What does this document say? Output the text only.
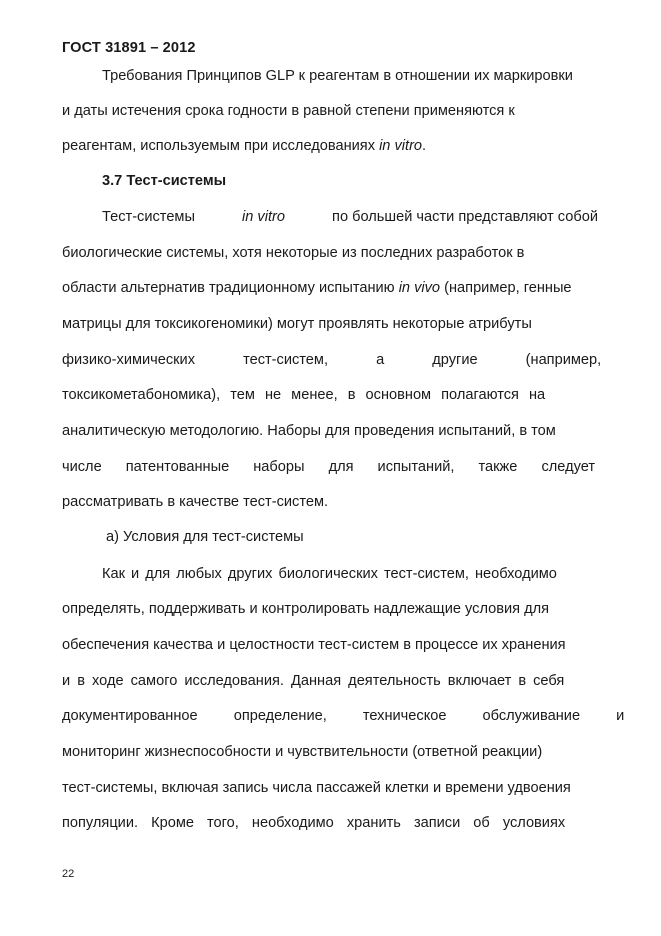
ГОСТ 31891 – 2012
Требования Принципов GLP к реагентам в отношении их маркировки
и даты истечения срока годности в равной степени применяются к
реагентам, используемым при исследованиях in vitro.
3.7 Тест-системы
Тест-системы	in vitro	по большей части представляют собой
биологические системы, хотя некоторые из последних разработок в
области альтернатив традиционному испытанию in vivo (например, генные
матрицы для токсикогеномики) могут проявлять некоторые атрибуты
физико-химических тест-систем, а другие (например,
токсикометабономика), тем не менее, в основном полагаются на
аналитическую методологию. Наборы для проведения испытаний, в том
числе патентованные наборы для испытаний, также следует
рассматривать в качестве тест-систем.
а) Условия для тест-системы
Как и для любых других биологических тест-систем, необходимо
определять, поддерживать и контролировать надлежащие условия для
обеспечения качества и целостности тест-систем в процессе их хранения
и в ходе самого исследования. Данная деятельность включает в себя
документированное определение, техническое обслуживание и
мониторинг жизнеспособности и чувствительности (ответной реакции)
тест-системы, включая запись числа пассажей клетки и времени удвоения
популяции. Кроме того, необходимо хранить записи об условиях
22
